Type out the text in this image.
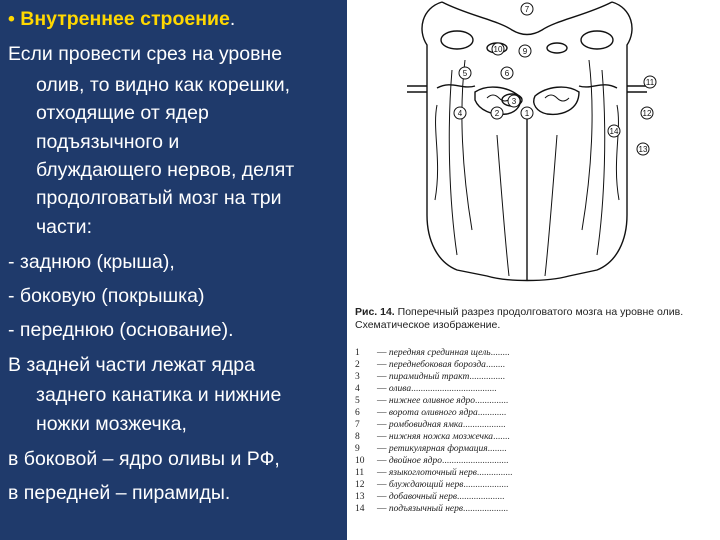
• Внутреннее строение.
Если провести срез на уровне
олив, то видно как корешки,
отходящие от ядер
подъязычного и
блуждающего нервов, делят
продолговатый мозг на три
части:
- заднюю (крыша),
- боковую (покрышка)
- переднюю (основание).
В задней части лежат ядра
заднего канатика и нижние
ножки мозжечка,
в боковой – ядро оливы и РФ,
в передней – пирамиды.
7
9
10
5	6
11
2	1
3
4	12
14
13
Рис. 14. Поперечный разрез продолговатого мозга на уровне олив.
Схематическое изображение.
1 — передняя срединная щель........
2 — переднебоковая борозда........
3 — пирамидный тракт...............
4 — олива....................................
5 — нижнее оливное ядро..............
6 — ворота оливного ядра............
7 — ромбовидная ямка..................
8 — нижняя ножка мозжечка.......
9 — ретикулярная формация........
10 — двойное ядро............................
11 — языкоглоточный нерв...............
12 — блуждающий нерв...................
13 — добавочный нерв....................
14 — подъязычный нерв...................
